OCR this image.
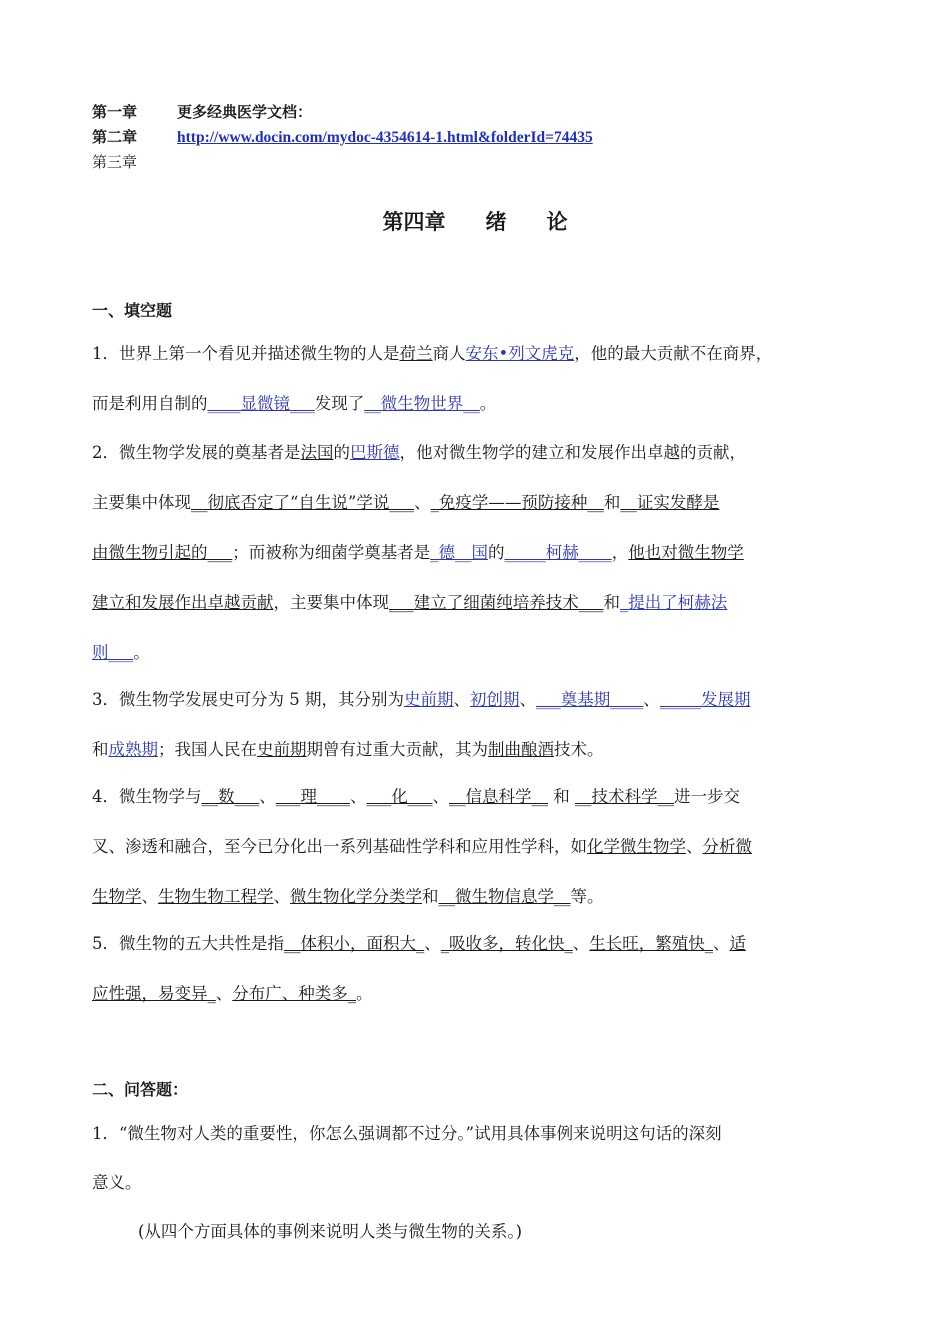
第一章	更多经典医学文档：
第二章	http://www.docin.com/mydoc-4354614-1.html&folderId=74435
第三章
第四章 绪 论
一、填空题
1．世界上第一个看见并描述微生物的人是荷兰商人安东•列文虎克，他的最大贡献不在商界，
而是利用自制的____显微镜___发现了__微生物世界__。
2．微生物学发展的奠基者是法国的巴斯德，他对微生物学的建立和发展作出卓越的贡献，
主要集中体现__彻底否定了“自生说”学说___、_免疫学——预防接种__和__证实发酵是
由微生物引起的___；而被称为细菌学奠基者是_德__国的_____柯赫____，他也对微生物学
建立和发展作出卓越贡献，主要集中体现___建立了细菌纯培养技术___和_提出了柯赫法
则___。
3．微生物学发展史可分为 5 期，其分别为史前期、初创期、___奠基期____、_____发展期
和成熟期；我国人民在史前期期曾有过重大贡献，其为制曲酿酒技术。
4．微生物学与__数___、___理____、___化___、__信息科学__ 和 __技术科学__进一步交
叉、渗透和融合，至今已分化出一系列基础性学科和应用性学科，如化学微生物学、分析微
生物学、生物生物工程学、微生物化学分类学和__微生物信息学__等。
5．微生物的五大共性是指__体积小，面积大_、_吸收多，转化快_、生长旺，繁殖快_、适
应性强，易变异_、分布广、种类多_。
二、问答题：
1．“微生物对人类的重要性，你怎么强调都不过分。”试用具体事例来说明这句话的深刻
意义。
(从四个方面具体的事例来说明人类与微生物的关系。)
